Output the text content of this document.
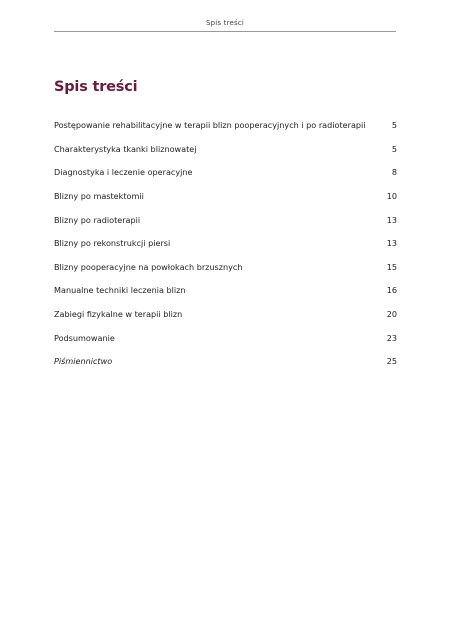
Spis treści
Spis treści
Postępowanie rehabilitacyjne w terapii blizn pooperacyjnych i po radioterapii	5
Charakterystyka tkanki bliznowatej	5
Diagnostyka i leczenie operacyjne	8
Blizny po mastektomii	10
Blizny po radioterapii	13
Blizny po rekonstrukcji piersi	13
Blizny pooperacyjne na powłokach brzusznych	15
Manualne techniki leczenia blizn	16
Zabiegi fizykalne w terapii blizn	20
Podsumowanie	23
Piśmiennictwo	25
